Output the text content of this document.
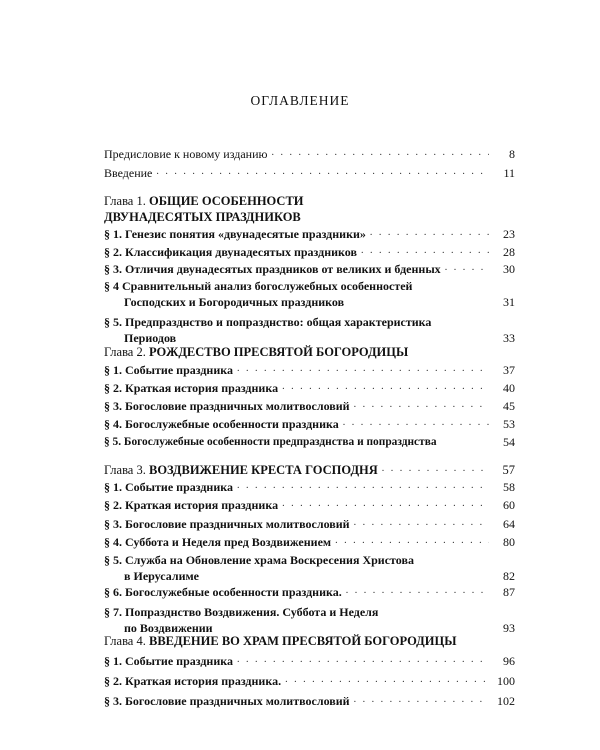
ОГЛАВЛЕНИЕ
Предисловие к новому изданию . . .	8
Введение . . .	11
Глава 1. ОБЩИЕ ОСОБЕННОСТИ
ДВУНАДЕСЯТЫХ ПРАЗДНИКОВ
§ 1. Генезис понятия «двунадесятые праздники» . . .	23
§ 2. Классификация двунадесятых праздников . . .	28
§ 3. Отличия двунадесятых праздников от великих и бденных . . .	30
§ 4 Сравнительный анализ богослужебных особенностей
Господских и Богородичных праздников	31
§ 5. Предпразднство и попразднство: общая характеристика
Периодов	33
Глава 2. РОЖДЕСТВО ПРЕСВЯТОЙ БОГОРОДИЦЫ
§ 1. Событие праздника . . .	37
§ 2. Краткая история праздника . . .	40
§ 3. Богословие праздничных молитвословий . . .	45
§ 4. Богослужебные особенности праздника . . .	53
§ 5. Богослужебные особенности предпразднства и попразднства	54
Глава 3. ВОЗДВИЖЕНИЕ КРЕСТА ГОСПОДНЯ . . .	57
§ 1. Событие праздника . . .	58
§ 2. Краткая история праздника . . .	60
§ 3. Богословие праздничных молитвословий . . .	64
§ 4. Суббота и Неделя пред Воздвижением . . .	80
§ 5. Служба на Обновление храма Воскресения Христова
в Иерусалиме	82
§ 6. Богослужебные особенности праздника. . . .	87
§ 7. Попразднство Воздвижения. Суббота и Неделя
по Воздвижении	93
Глава 4. ВВЕДЕНИЕ ВО ХРАМ ПРЕСВЯТОЙ БОГОРОДИЦЫ
§ 1. Событие праздника . . .	96
§ 2. Краткая история праздника. . . .	100
§ 3. Богословие праздничных молитвословий . . .	102
